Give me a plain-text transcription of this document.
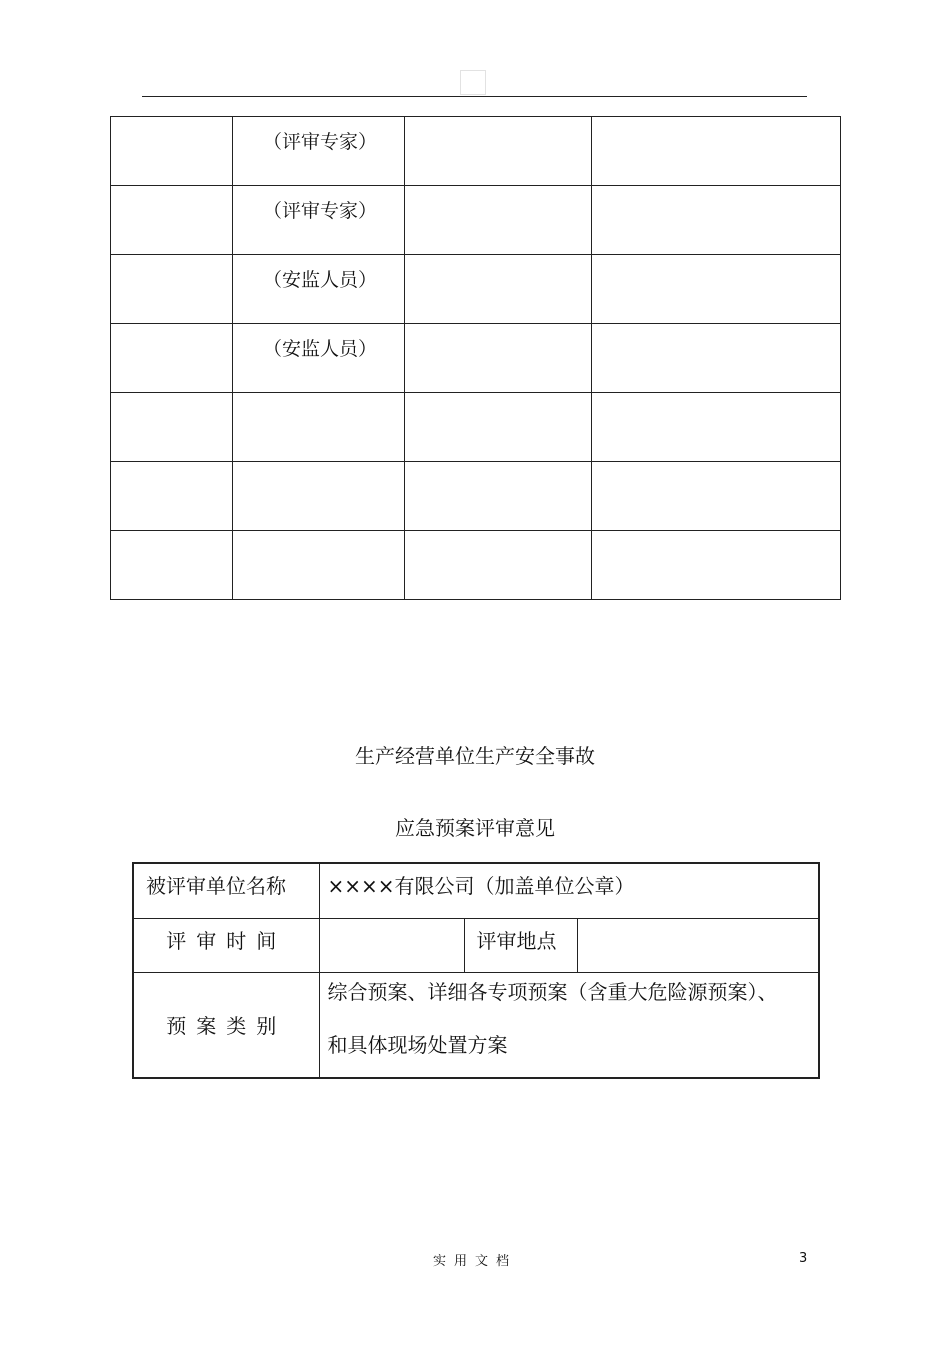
	（评审专家）		
	（评审专家）		
	（安监人员）		
	（安监人员）		

生产经营单位生产安全事故
应急预案评审意见
被评审单位名称	××××有限公司（加盖单位公章）		
评审时间		评审地点	
预案类别	综合预案、详细各专项预案（含重大危险源预案）、
和具体现场处置方案		
实用文档	3
